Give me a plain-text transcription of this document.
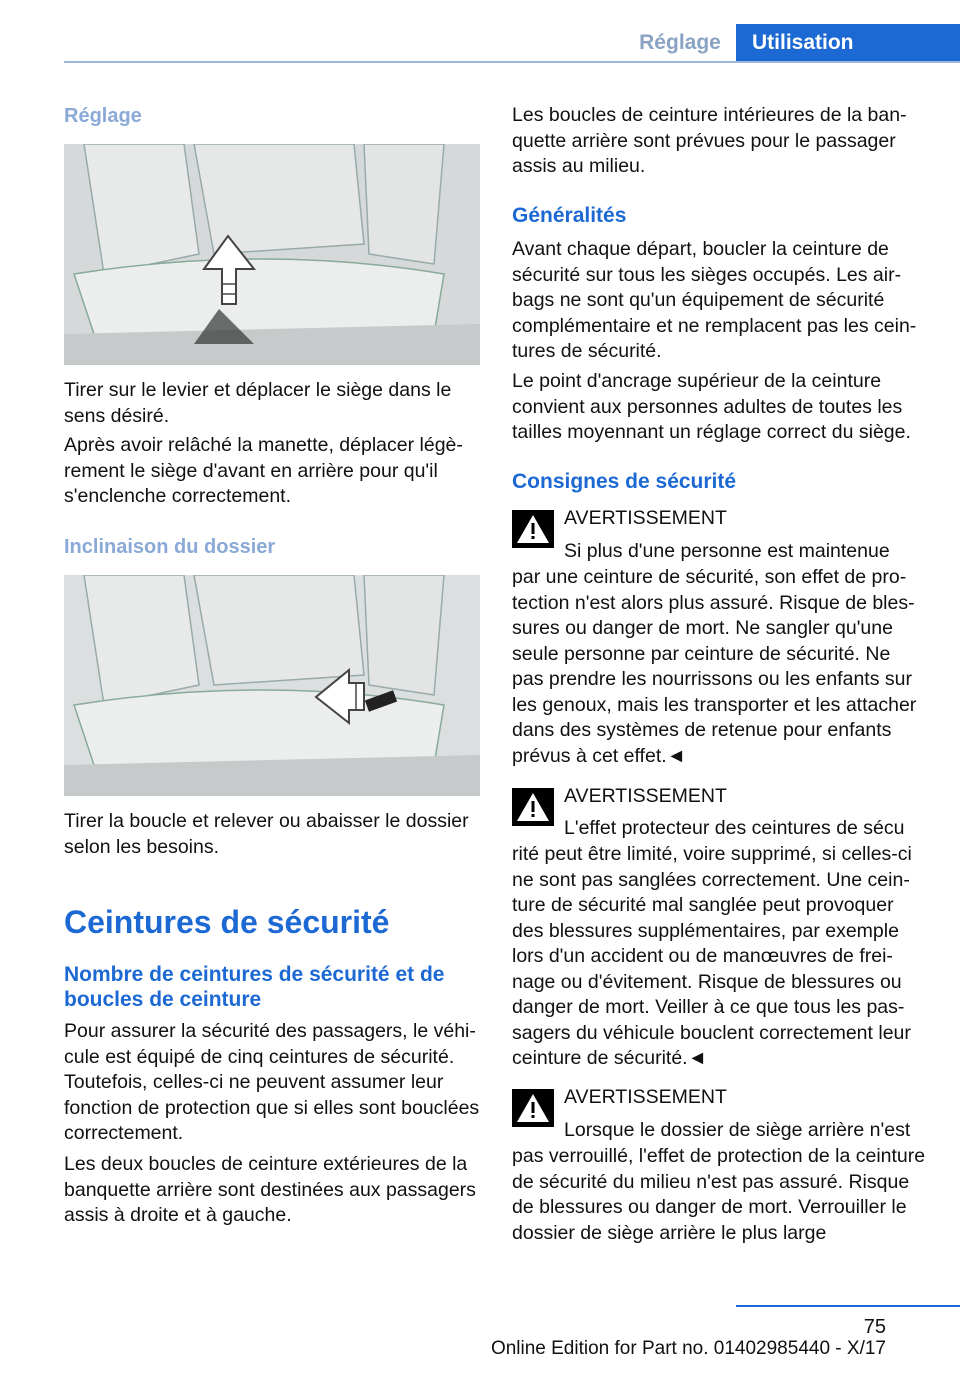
Réglage	Utilisation
Réglage

Tirer sur le levier et déplacer le siège dans le sens désiré.

Après avoir relâché la manette, déplacer légèrement le siège d'avant en arrière pour qu'il s'enclenche correctement.

Inclinaison du dossier

Tirer la boucle et relever ou abaisser le dossier selon les besoins.

Ceintures de sécurité
Nombre de ceintures de sécurité et de boucles de ceinture

Pour assurer la sécurité des passagers, le véhicule est équipé de cinq ceintures de sécurité. Toutefois, celles-ci ne peuvent assumer leur fonction de protection que si elles sont bouclées correctement.

Les deux boucles de ceinture extérieures de la banquette arrière sont destinées aux passagers assis à droite et à gauche.

Les boucles de ceinture intérieures de la banquette arrière sont prévues pour le passager assis au milieu.

Généralités

Avant chaque départ, boucler la ceinture de sécurité sur tous les sièges occupés. Les airbags ne sont qu'un équipement de sécurité complémentaire et ne remplacent pas les ceintures de sécurité.

Le point d'ancrage supérieur de la ceinture convient aux personnes adultes de toutes les tailles moyennant un réglage correct du siège.

Consignes de sécurité

AVERTISSEMENT

Si plus d'une personne est maintenue

par une ceinture de sécurité, son effet de protection n'est alors plus assuré. Risque de blessures ou danger de mort. Ne sangler qu'une seule personne par ceinture de sécurité. Ne pas prendre les nourrissons ou les enfants sur les genoux, mais les transporter et les attacher dans des systèmes de retenue pour enfants prévus à cet effet.◄

AVERTISSEMENT

L'effet protecteur des ceintures de sécu

rité peut être limité, voire supprimé, si celles-ci ne sont pas sanglées correctement. Une ceinture de sécurité mal sanglée peut provoquer des blessures supplémentaires, par exemple lors d'un accident ou de manœuvres de freinage ou d'évitement. Risque de blessures ou danger de mort. Veiller à ce que tous les passagers du véhicule bouclent correctement leur ceinture de sécurité.◄

AVERTISSEMENT

Lorsque le dossier de siège arrière n'est

pas verrouillé, l'effet de protection de la ceinture de sécurité du milieu n'est pas assuré. Risque de blessures ou danger de mort. Verrouiller le dossier de siège arrière le plus large

75
Online Edition for Part no. 01402985440 - X/17
